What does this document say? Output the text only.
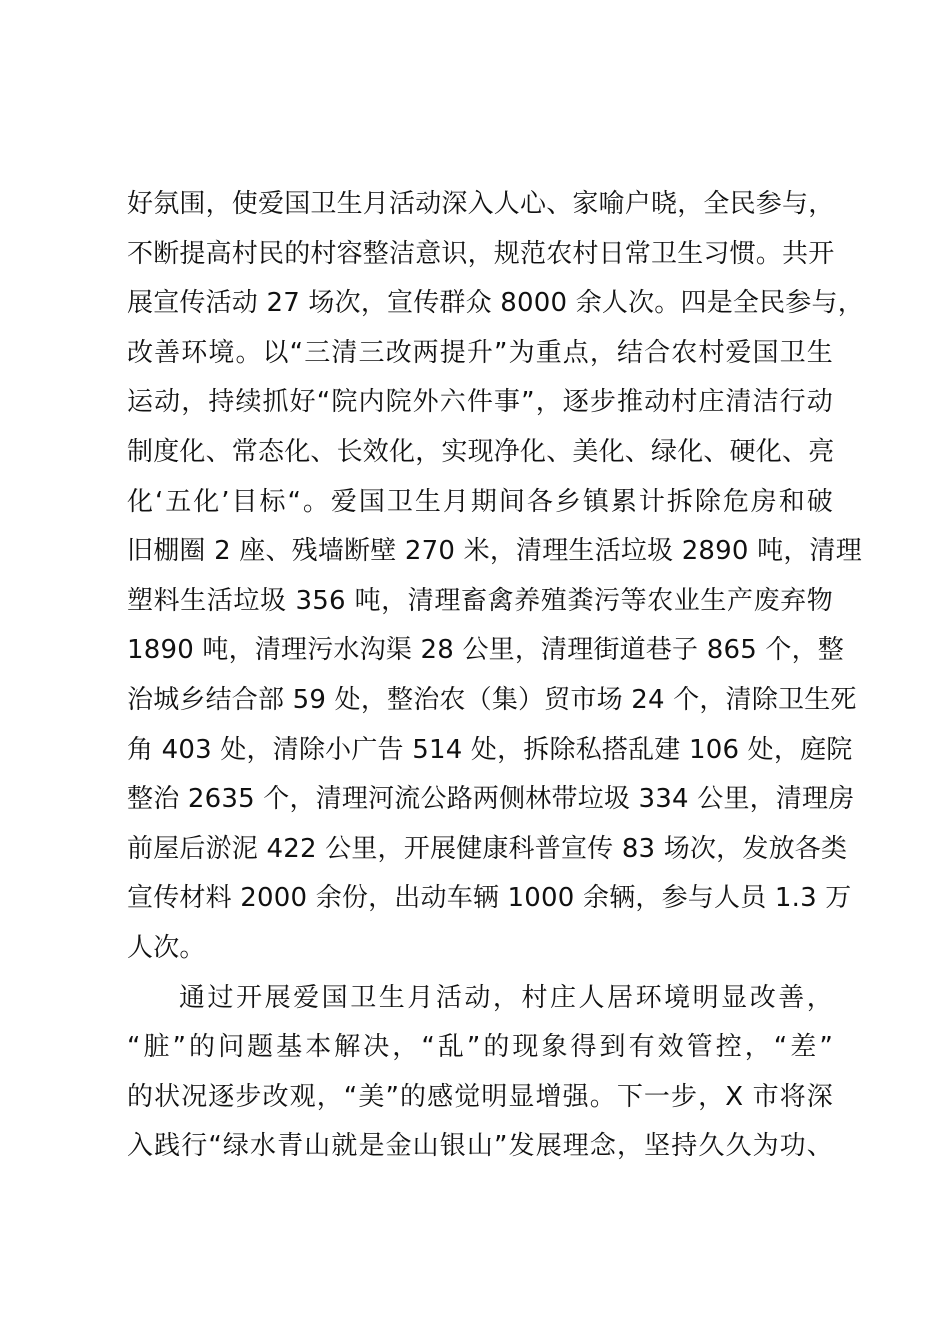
好氛围，使爱国卫生月活动深入人心、家喻户晓，全民参与，
不断提高村民的村容整洁意识，规范农村日常卫生习惯。共开
展宣传活动 27 场次，宣传群众 8000 余人次。四是全民参与，
改善环境。以“三清三改两提升”为重点，结合农村爱国卫生
运动，持续抓好“院内院外六件事”，逐步推动村庄清洁行动
制度化、常态化、长效化，实现净化、美化、绿化、硬化、亮
化‘五化’目标“。爱国卫生月期间各乡镇累计拆除危房和破
旧棚圈 2 座、残墙断壁 270 米，清理生活垃圾 2890 吨，清理
塑料生活垃圾 356 吨，清理畜禽养殖粪污等农业生产废弃物
1890 吨，清理污水沟渠 28 公里，清理街道巷子 865 个，整
治城乡结合部 59 处，整治农（集）贸市场 24 个，清除卫生死
角 403 处，清除小广告 514 处，拆除私搭乱建 106 处，庭院
整治 2635 个，清理河流公路两侧林带垃圾 334 公里，清理房
前屋后淤泥 422 公里，开展健康科普宣传 83 场次，发放各类
宣传材料 2000 余份，出动车辆 1000 余辆，参与人员 1.3 万
人次。
通过开展爱国卫生月活动，村庄人居环境明显改善，
“脏”的问题基本解决，“乱”的现象得到有效管控，“差”
的状况逐步改观，“美”的感觉明显增强。下一步，X 市将深
入践行“绿水青山就是金山银山”发展理念，坚持久久为功、
